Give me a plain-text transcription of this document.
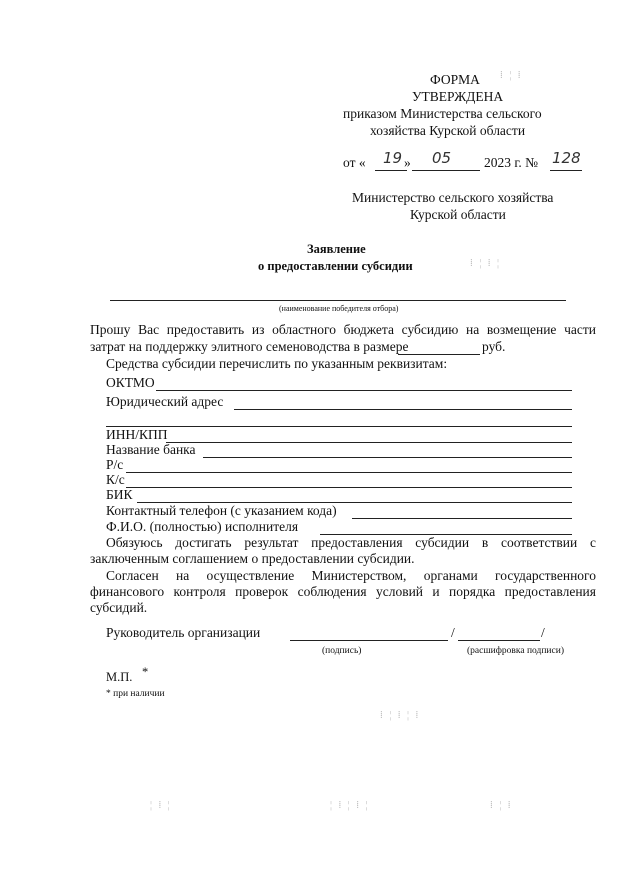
ФОРМА
УТВЕРЖДЕНА
приказом Министерства сельского
хозяйства Курской области
от « 19 » 05 2023 г. № 128
Министерство сельского хозяйства
Курской области
Заявление
о предоставлении субсидии
(наименование победителя отбора)
Прошу Вас предоставить из областного бюджета субсидию на возмещение части
затрат на поддержку элитного семеноводства в размере	руб.
Средства субсидии перечислить по указанным реквизитам:
ОКТМО
Юридический адрес
ИНН/КПП
Название банка
Р/с
К/с
БИК
Контактный телефон (с указанием кода)
Ф.И.О. (полностью) исполнителя
Обязуюсь достигать результат предоставления субсидии в соответствии с
заключенным соглашением о предоставлении субсидии.
Согласен на осуществление Министерством, органами государственного
финансового контроля проверок соблюдения условий и порядка предоставления
субсидий.
Руководитель организации	/	/
(подпись)	(расшифровка подписи)
М.П. *
* при наличии
⁞ ¦ ⁞
⁞ ¦ ⁞ ¦
⁞ ¦ ⁞ ¦ ⁞
¦ ⁞ ¦ ⁞ ¦
¦ ⁞ ¦	⁞ ¦ ⁞
